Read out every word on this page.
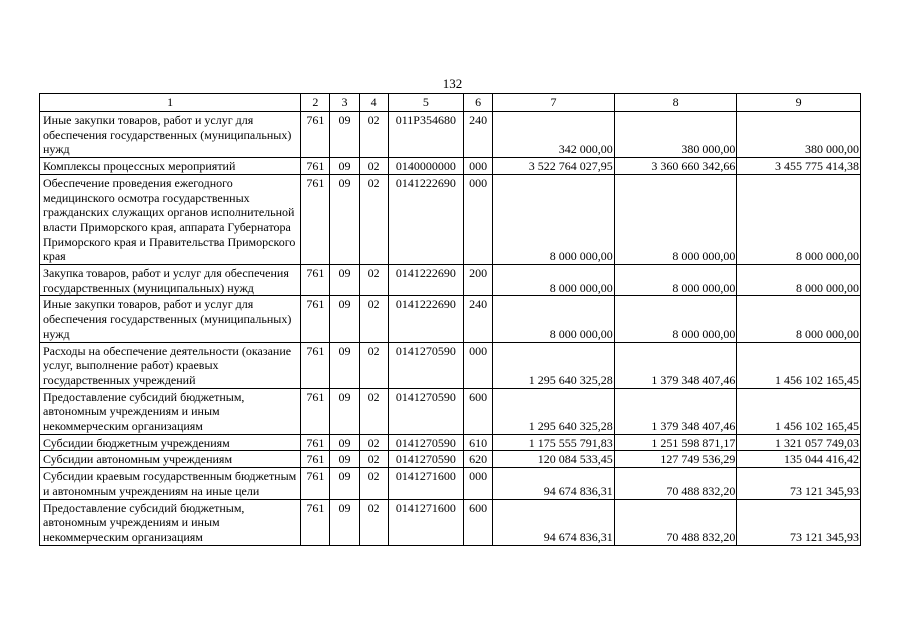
132
1	2	3	4	5	6	7	8	9
Иные закупки товаров, работ и услуг для обеспечения государственных (муниципальных) нужд	761	09	02	011P354680	240	342 000,00	380 000,00	380 000,00
Комплексы процессных мероприятий	761	09	02	0140000000	000	3 522 764 027,95	3 360 660 342,66	3 455 775 414,38
Обеспечение проведения ежегодного медицинского осмотра государственных гражданских служащих органов исполнительной власти Приморского края, аппарата Губернатора Приморского края и Правительства Приморского края	761	09	02	0141222690	000	8 000 000,00	8 000 000,00	8 000 000,00
Закупка товаров, работ и услуг для обеспечения государственных (муниципальных) нужд	761	09	02	0141222690	200	8 000 000,00	8 000 000,00	8 000 000,00
Иные закупки товаров, работ и услуг для обеспечения государственных (муниципальных) нужд	761	09	02	0141222690	240	8 000 000,00	8 000 000,00	8 000 000,00
Расходы на обеспечение деятельности (оказание услуг, выполнение работ) краевых государственных учреждений	761	09	02	0141270590	000	1 295 640 325,28	1 379 348 407,46	1 456 102 165,45
Предоставление субсидий бюджетным, автономным учреждениям и иным некоммерческим организациям	761	09	02	0141270590	600	1 295 640 325,28	1 379 348 407,46	1 456 102 165,45
Субсидии бюджетным учреждениям	761	09	02	0141270590	610	1 175 555 791,83	1 251 598 871,17	1 321 057 749,03
Субсидии автономным учреждениям	761	09	02	0141270590	620	120 084 533,45	127 749 536,29	135 044 416,42
Субсидии краевым государственным бюджетным и автономным учреждениям на иные цели	761	09	02	0141271600	000	94 674 836,31	70 488 832,20	73 121 345,93
Предоставление субсидий бюджетным, автономным учреждениям и иным некоммерческим организациям	761	09	02	0141271600	600	94 674 836,31	70 488 832,20	73 121 345,93
